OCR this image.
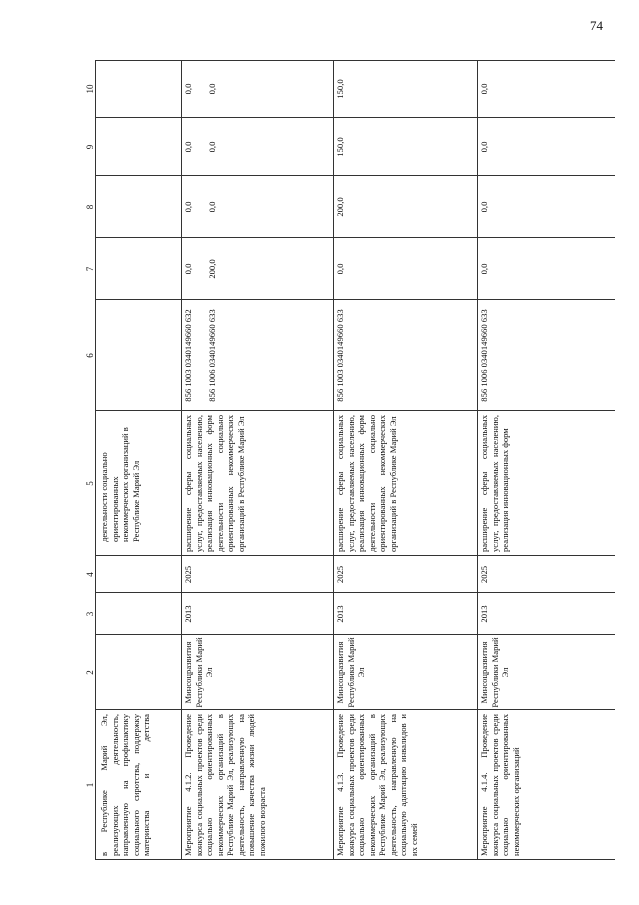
74
1
2
3
4
5
6
7
8
9
10
в Республике Марий Эл, реализующих деятельность, направленную на профилактику социального сиротства, поддержку материнства и детства
деятельности социально ориентированных некоммерческих организаций в Республике Марий Эл
Мероприятие 4.1.2. Проведение конкурса социальных проектов среди социально ориентированных некоммерческих организаций в Республике Марий Эл, реализующих деятельность, направленную на повышение качества жизни людей пожилого возраста
Минсоцразвития Республики Марий Эл
2013
2025
расширение сферы социальных услуг, предоставляемых населению, реализация инновационных форм деятельности социально ориентированных некоммерческих организаций в Республике Марий Эл
856 1003 0340149660 632 856 1006 0340149660 633
0,0 200,0
0,0 0,0
0,0 0,0
0,0 0,0
Мероприятие 4.1.3. Проведение конкурса социальных проектов среди социально ориентированных некоммерческих организаций в Республике Марий Эл, реализующих деятельность, направленную на социальную адаптацию инвалидов и их семей
Минсоцразвития Республики Марий Эл
2013
2025
расширение сферы социальных услуг, предоставляемых населению, реализация инновационных форм деятельности социально ориентированных некоммерческих организаций в Республике Марий Эл
856 1003 0340149660 633
0,0
200,0
150,0
150,0
Мероприятие 4.1.4. Проведение конкурса социальных проектов среди социально ориентированных некоммерческих организаций
Минсоцразвития Республики Марий Эл
2013
2025
расширение сферы социальных услуг, предоставляемых населению, реализация инновационных форм
856 1006 0340149660 633
0,0
0,0
0,0
0,0
